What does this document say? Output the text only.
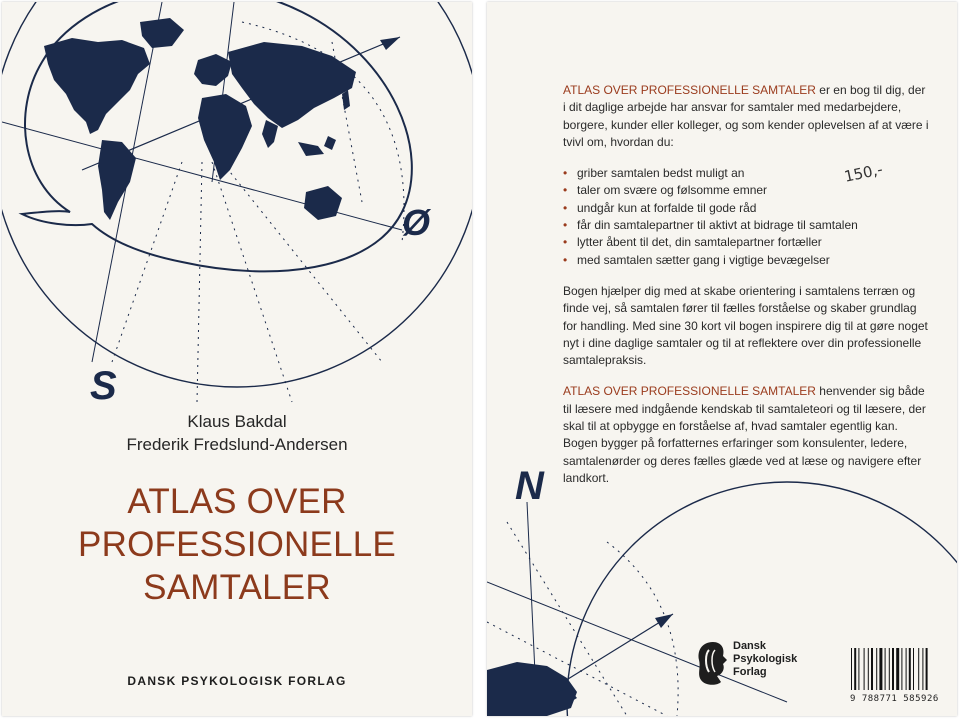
S
Ø
Klaus Bakdal
Frederik Fredslund-Andersen
ATLAS OVER
PROFESSIONELLE
SAMTALER
DANSK PSYKOLOGISK FORLAG
N

ATLAS OVER PROFESSIONELLE SAMTALER er en bog til dig, der i dit daglige arbejde har ansvar for samtaler med medarbejdere, borgere, kunder eller kolleger, og som kender oplevelsen af at være i tvivl om, hvordan du:

• griber samtalen bedst muligt an
• taler om svære og følsomme emner
• undgår kun at forfalde til gode råd
• får din samtalepartner til aktivt at bidrage til samtalen
• lytter åbent til det, din samtalepartner fortæller
• med samtalen sætter gang i vigtige bevægelser

Bogen hjælper dig med at skabe orientering i samtalens terræn og finde vej, så samtalen fører til fælles forståelse og skaber grundlag for handling. Med sine 30 kort vil bogen inspirere dig til at gøre noget nyt i dine daglige samtaler og til at reflektere over din professionelle samtalepraksis.

ATLAS OVER PROFESSIONELLE SAMTALER henvender sig både til læsere med indgående kendskab til samtaleteori og til læsere, der skal til at opbygge en forståelse af, hvad samtaler egentlig kan. Bogen bygger på forfatternes erfaringer som konsulenter, ledere, samtalenørder og deres fælles glæde ved at læse og navigere efter landkort.

150,-
Dansk
Psykologisk
Forlag
9 788771 585926
